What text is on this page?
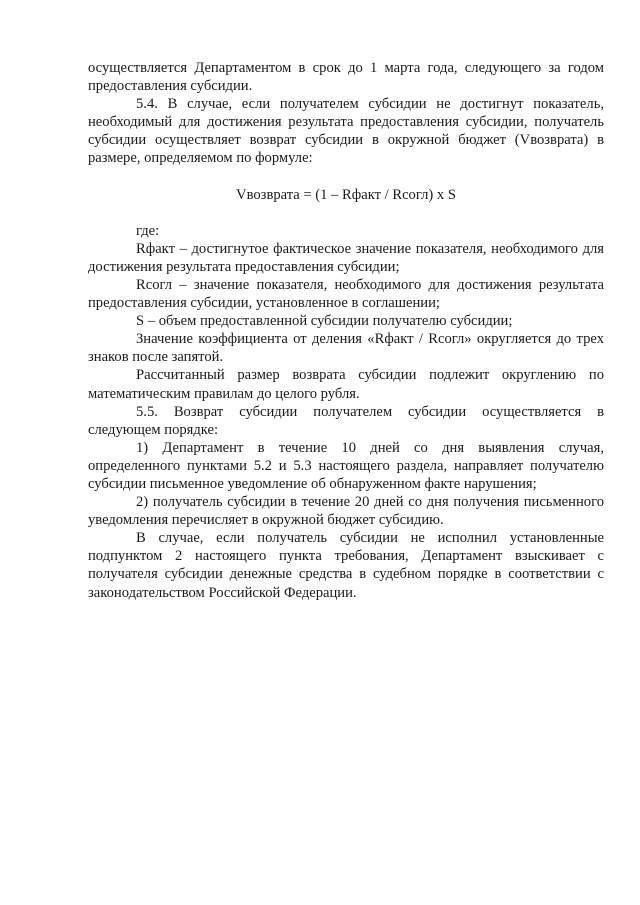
осуществляется Департаментом в срок до 1 марта года, следующего за годом предоставления субсидии.

5.4. В случае, если получателем субсидии не достигнут показатель, необходимый для достижения результата предоставления субсидии, получатель субсидии осуществляет возврат субсидии в окружной бюджет (Vвозврата) в размере, определяемом по формуле:

Vвозврата = (1 – Rфакт / Rсогл) x S

где:

Rфакт – достигнутое фактическое значение показателя, необходимого для достижения результата предоставления субсидии;

Rсогл – значение показателя, необходимого для достижения результата предоставления субсидии, установленное в соглашении;

S – объем предоставленной субсидии получателю субсидии;

Значение коэффициента от деления «Rфакт / Rсогл» округляется до трех знаков после запятой.

Рассчитанный размер возврата субсидии подлежит округлению по математическим правилам до целого рубля.

5.5. Возврат субсидии получателем субсидии осуществляется в следующем порядке:

1) Департамент в течение 10 дней со дня выявления случая, определенного пунктами 5.2 и 5.3 настоящего раздела, направляет получателю субсидии письменное уведомление об обнаруженном факте нарушения;

2) получатель субсидии в течение 20 дней со дня получения письменного уведомления перечисляет в окружной бюджет субсидию.

В случае, если получатель субсидии не исполнил установленные подпунктом 2 настоящего пункта требования, Департамент взыскивает с получателя субсидии денежные средства в судебном порядке в соответствии с законодательством Российской Федерации.
